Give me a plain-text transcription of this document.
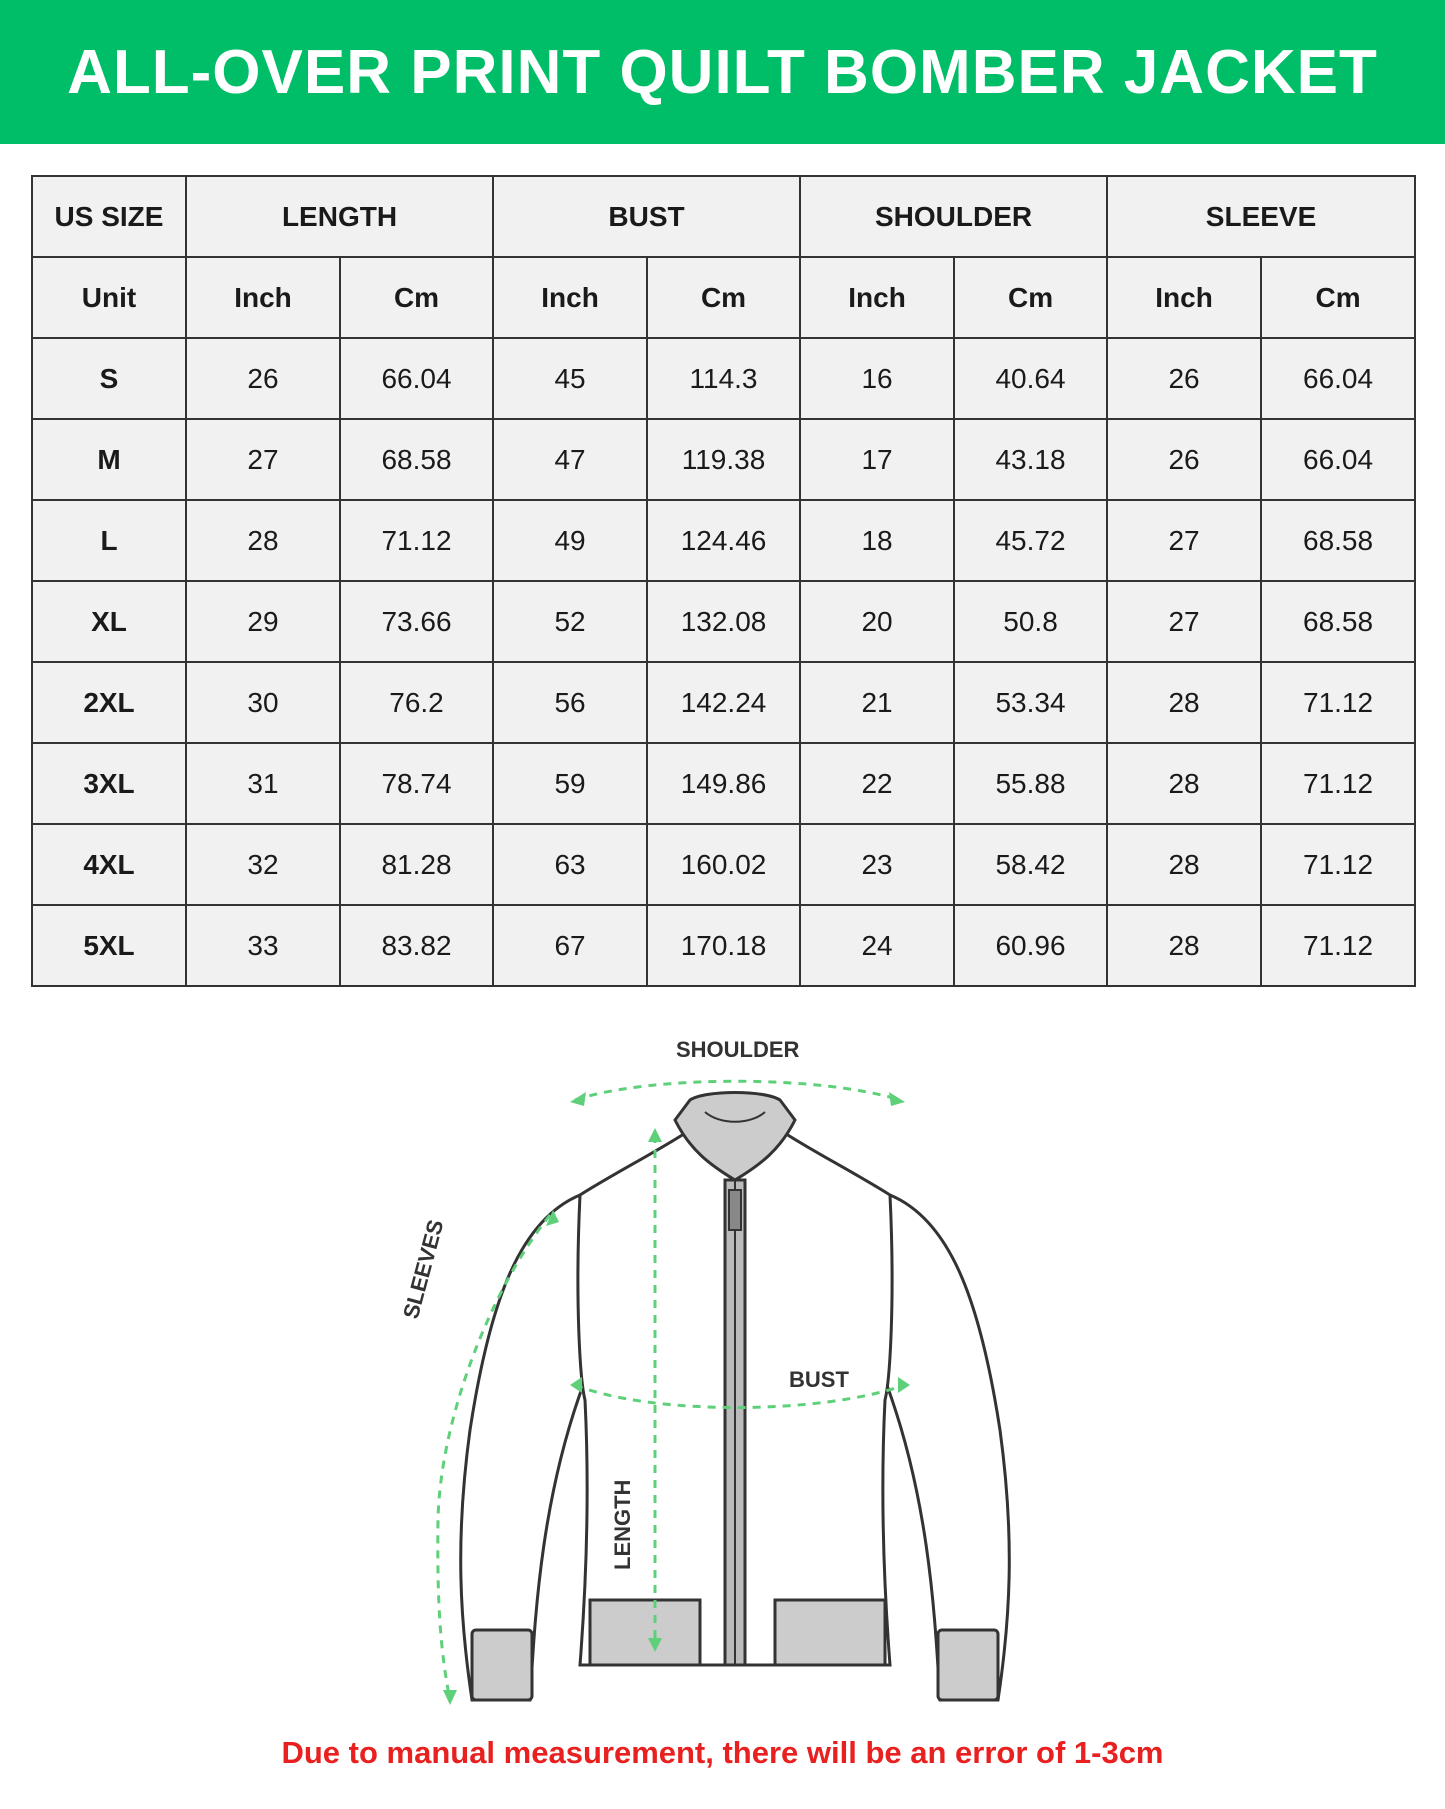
ALL-OVER PRINT QUILT BOMBER JACKET
US SIZE	LENGTH		BUST		SHOULDER		SLEEVE	
Unit	Inch	Cm	Inch	Cm	Inch	Cm	Inch	Cm
S	26	66.04	45	114.3	16	40.64	26	66.04
M	27	68.58	47	119.38	17	43.18	26	66.04
L	28	71.12	49	124.46	18	45.72	27	68.58
XL	29	73.66	52	132.08	20	50.8	27	68.58
2XL	30	76.2	56	142.24	21	53.34	28	71.12
3XL	31	78.74	59	149.86	22	55.88	28	71.12
4XL	32	81.28	63	160.02	23	58.42	28	71.12
5XL	33	83.82	67	170.18	24	60.96	28	71.12
SHOULDER
BUST
SLEEVES
LENGTH
Due to manual measurement, there will be an error of 1-3cm
